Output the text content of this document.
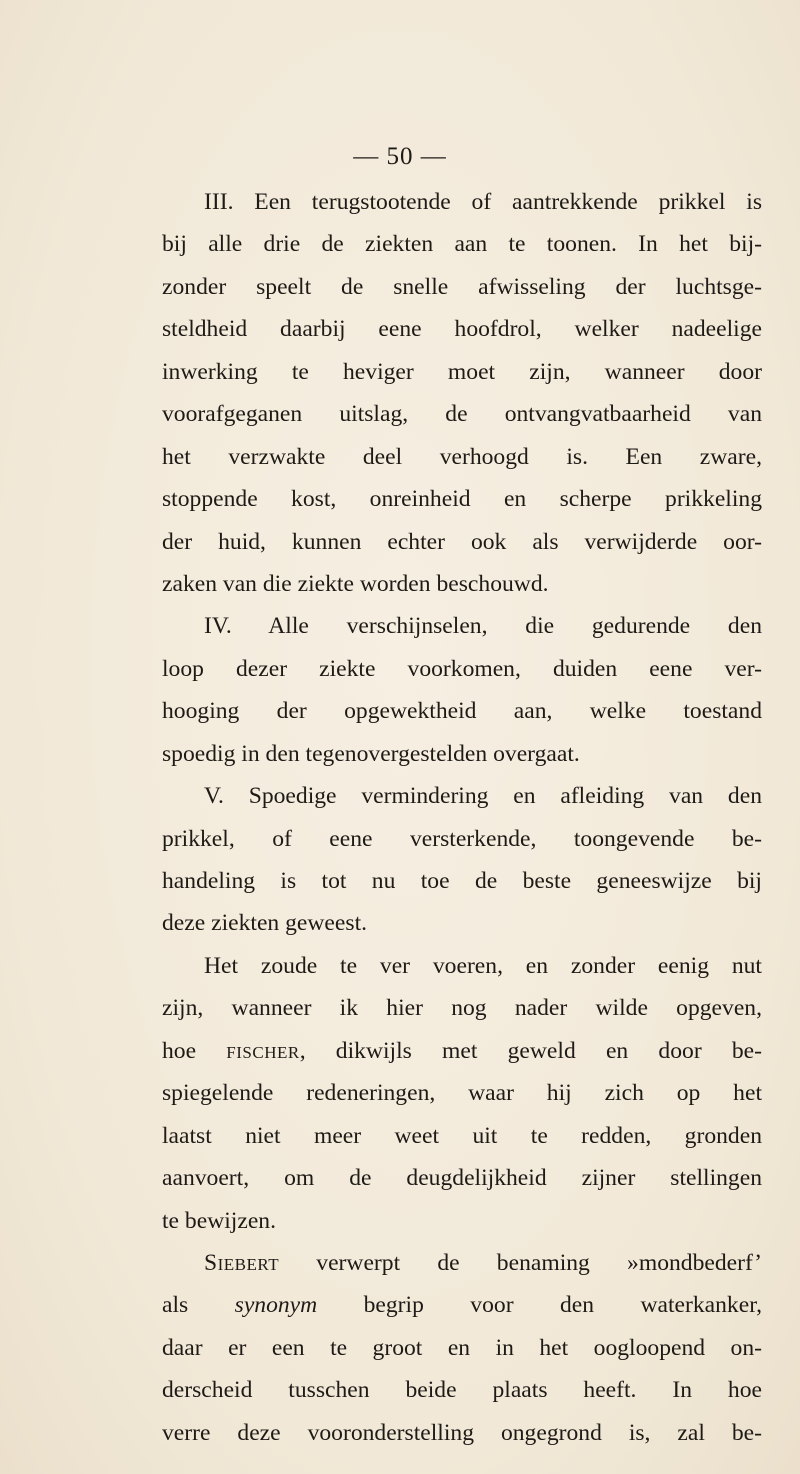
— 50 —
III. Een terugstootende of aantrekkende prikkel is
bij alle drie de ziekten aan te toonen. In het bij-
zonder speelt de snelle afwisseling der luchtsge-
steldheid daarbij eene hoofdrol, welker nadeelige
inwerking te heviger moet zijn, wanneer door
voorafgeganen uitslag, de ontvangvatbaarheid van
het verzwakte deel verhoogd is. Een zware,
stoppende kost, onreinheid en scherpe prikkeling
der huid, kunnen echter ook als verwijderde oor-
zaken van die ziekte worden beschouwd.
IV. Alle verschijnselen, die gedurende den
loop dezer ziekte voorkomen, duiden eene ver-
hooging der opgewektheid aan, welke toestand
spoedig in den tegenovergestelden overgaat.
V. Spoedige vermindering en afleiding van den
prikkel, of eene versterkende, toongevende be-
handeling is tot nu toe de beste geneeswijze bij
deze ziekten geweest.
Het zoude te ver voeren, en zonder eenig nut
zijn, wanneer ik hier nog nader wilde opgeven,
hoe fischer, dikwijls met geweld en door be-
spiegelende redeneringen, waar hij zich op het
laatst niet meer weet uit te redden, gronden
aanvoert, om de deugdelijkheid zijner stellingen
te bewijzen.
Siebert verwerpt de benaming »mondbederf’
als synonym begrip voor den waterkanker,
daar er een te groot en in het oogloopend on-
derscheid tusschen beide plaats heeft. In hoe
verre deze vooronderstelling ongegrond is, zal be-
